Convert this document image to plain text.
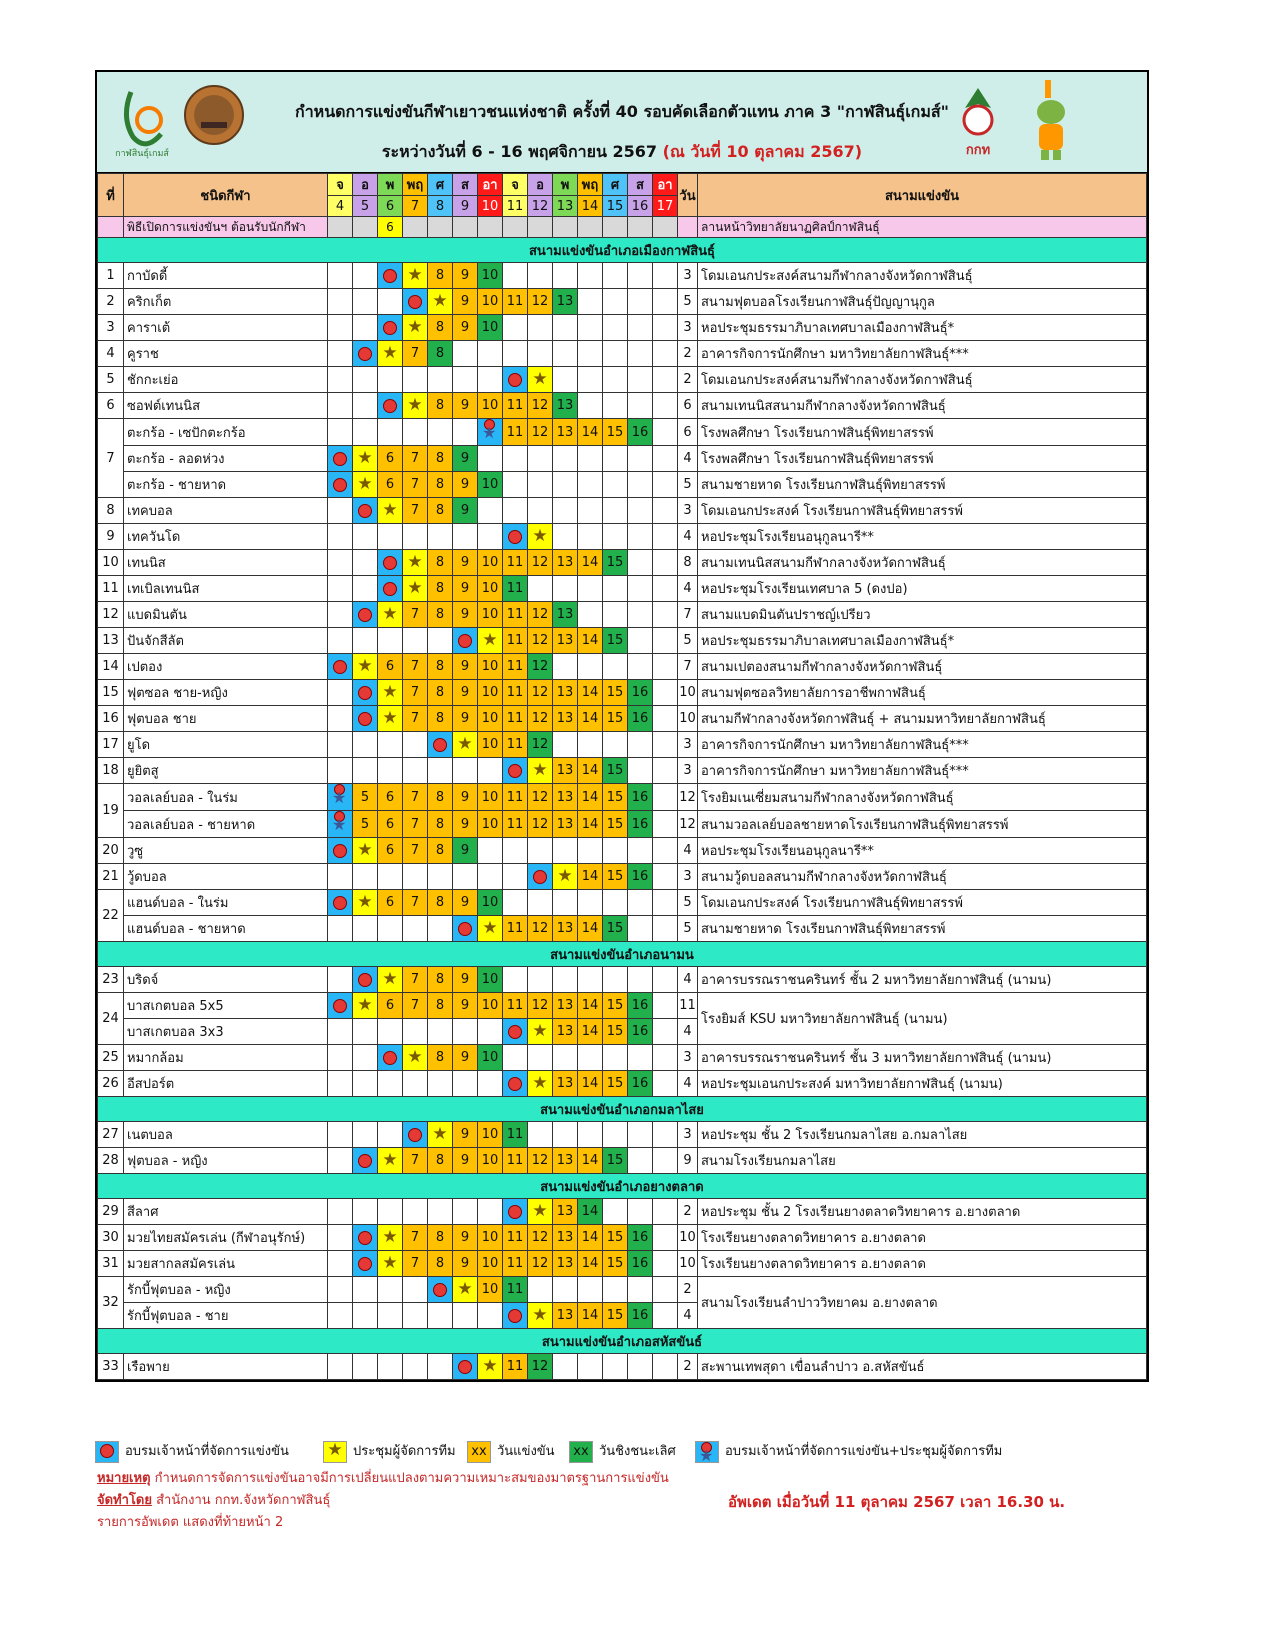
กาฬสินธุ์เกมส์
กำหนดการแข่งขันกีฬาเยาวชนแห่งชาติ ครั้งที่ 40 รอบคัดเลือกตัวแทน ภาค 3 "กาฬสินธุ์เกมส์"
ระหว่างวันที่ 6 - 16 พฤศจิกายน 2567 (ณ วันที่ 10 ตุลาคม 2567)	กกท
ที่	ชนิดกีฬา	จ	อ	พ	พฤ	ศ	ส	อา	จ	อ	พ	พฤ	ศ	ส	อา	วัน	สนามแข่งขัน
		4	5	6	7	8	9	10	11	12	13	14	15	16	17		
	พิธีเปิดการแข่งขันฯ ต้อนรับนักกีฬา			6													ลานหน้าวิทยาลัยนาฏศิลป์กาฬสินธุ์
สนามแข่งขันอำเภอเมืองกาฬสินธุ์																	
1	กาบัดดี้				★	8	9	10								3	โดมเอนกประสงค์สนามกีฬากลางจังหวัดกาฬสินธุ์
2	คริกเก็ต					★	9	10	11	12	13					5	สนามฟุตบอลโรงเรียนกาฬสินธุ์ปัญญานุกูล
3	คาราเต้				★	8	9	10								3	หอประชุมธรรมาภิบาลเทศบาลเมืองกาฬสินธุ์*
4	คูราช			★	7	8										2	อาคารกิจการนักศึกษา มหาวิทยาลัยกาฬสินธุ์***
5	ชักกะเย่อ									★						2	โดมเอนกประสงค์สนามกีฬากลางจังหวัดกาฬสินธุ์
6	ซอฟต์เทนนิส				★	8	9	10	11	12	13					6	สนามเทนนิสสนามกีฬากลางจังหวัดกาฬสินธุ์
7	ตะกร้อ - เซปักตะกร้อ							★	11	12	13	14	15	16		6	โรงพลศึกษา โรงเรียนกาฬสินธุ์พิทยาสรรพ์
	ตะกร้อ - ลอดห่วง		★	6	7	8	9									4	โรงพลศึกษา โรงเรียนกาฬสินธุ์พิทยาสรรพ์
	ตะกร้อ - ชายหาด		★	6	7	8	9	10								5	สนามชายหาด โรงเรียนกาฬสินธุ์พิทยาสรรพ์
8	เทคบอล			★	7	8	9									3	โดมเอนกประสงค์ โรงเรียนกาฬสินธุ์พิทยาสรรพ์
9	เทควันโด									★						4	หอประชุมโรงเรียนอนุกูลนารี**
10	เทนนิส				★	8	9	10	11	12	13	14	15			8	สนามเทนนิสสนามกีฬากลางจังหวัดกาฬสินธุ์
11	เทเบิลเทนนิส				★	8	9	10	11							4	หอประชุมโรงเรียนเทศบาล 5 (ดงปอ)
12	แบดมินตัน			★	7	8	9	10	11	12	13					7	สนามแบดมินตันปราชญ์เปรียว
13	ปันจักสีลัต							★	11	12	13	14	15			5	หอประชุมธรรมาภิบาลเทศบาลเมืองกาฬสินธุ์*
14	เปตอง		★	6	7	8	9	10	11	12						7	สนามเปตองสนามกีฬากลางจังหวัดกาฬสินธุ์
15	ฟุตซอล ชาย-หญิง			★	7	8	9	10	11	12	13	14	15	16		10	สนามฟุตซอลวิทยาลัยการอาชีพกาฬสินธุ์
16	ฟุตบอล ชาย			★	7	8	9	10	11	12	13	14	15	16		10	สนามกีฬากลางจังหวัดกาฬสินธุ์ + สนามมหาวิทยาลัยกาฬสินธุ์
17	ยูโด						★	10	11	12						3	อาคารกิจการนักศึกษา มหาวิทยาลัยกาฬสินธุ์***
18	ยูยิตสู									★	13	14	15			3	อาคารกิจการนักศึกษา มหาวิทยาลัยกาฬสินธุ์***
19	วอลเลย์บอล - ในร่ม	★	5	6	7	8	9	10	11	12	13	14	15	16		12	โรงยิมเนเซี่ยมสนามกีฬากลางจังหวัดกาฬสินธุ์
	วอลเลย์บอล - ชายหาด	★	5	6	7	8	9	10	11	12	13	14	15	16		12	สนามวอลเลย์บอลชายหาดโรงเรียนกาฬสินธุ์พิทยาสรรพ์
20	วูซู		★	6	7	8	9									4	หอประชุมโรงเรียนอนุกูลนารี**
21	วู้ดบอล										★	14	15	16		3	สนามวู้ดบอลสนามกีฬากลางจังหวัดกาฬสินธุ์
22	แฮนด์บอล - ในร่ม		★	6	7	8	9	10								5	โดมเอนกประสงค์ โรงเรียนกาฬสินธุ์พิทยาสรรพ์
	แฮนด์บอล - ชายหาด							★	11	12	13	14	15			5	สนามชายหาด โรงเรียนกาฬสินธุ์พิทยาสรรพ์
สนามแข่งขันอำเภอนามน																	
23	บริดจ์			★	7	8	9	10								4	อาคารบรรณราชนครินทร์ ชั้น 2 มหาวิทยาลัยกาฬสินธุ์ (นามน)
24	บาสเกตบอล 5x5		★	6	7	8	9	10	11	12	13	14	15	16		11	โรงยิมส์ KSU มหาวิทยาลัยกาฬสินธุ์ (นามน)
	บาสเกตบอล 3x3									★	13	14	15	16		4	
25	หมากล้อม				★	8	9	10								3	อาคารบรรณราชนครินทร์ ชั้น 3 มหาวิทยาลัยกาฬสินธุ์ (นามน)
26	อีสปอร์ต									★	13	14	15	16		4	หอประชุมเอนกประสงค์ มหาวิทยาลัยกาฬสินธุ์ (นามน)
สนามแข่งขันอำเภอกมลาไสย																	
27	เนตบอล					★	9	10	11							3	หอประชุม ชั้น 2 โรงเรียนกมลาไสย อ.กมลาไสย
28	ฟุตบอล - หญิง			★	7	8	9	10	11	12	13	14	15			9	สนามโรงเรียนกมลาไสย
สนามแข่งขันอำเภอยางตลาด																	
29	สีลาศ									★	13	14				2	หอประชุม ชั้น 2 โรงเรียนยางตลาดวิทยาคาร อ.ยางตลาด
30	มวยไทยสมัครเล่น (กีฬาอนุรักษ์)			★	7	8	9	10	11	12	13	14	15	16		10	โรงเรียนยางตลาดวิทยาคาร อ.ยางตลาด
31	มวยสากลสมัครเล่น			★	7	8	9	10	11	12	13	14	15	16		10	โรงเรียนยางตลาดวิทยาคาร อ.ยางตลาด
32	รักบี้ฟุตบอล - หญิง						★	10	11							2	สนามโรงเรียนลำปาววิทยาคม อ.ยางตลาด
	รักบี้ฟุตบอล - ชาย									★	13	14	15	16		4	
สนามแข่งขันอำเภอสหัสขันธ์																	
33	เรือพาย							★	11	12						2	สะพานเทพสุดา เขื่อนลำปาว อ.สหัสขันธ์
อบรมเจ้าหน้าที่จัดการแข่งขัน ★ ประชุมผู้จัดการทีม	xx วันแข่งขัน	xx วันชิงชนะเลิศ ★ อบรมเจ้าหน้าที่จัดการแข่งขัน+ประชุมผู้จัดการทีม
หมายเหตุ กำหนดการจัดการแข่งขันอาจมีการเปลี่ยนแปลงตามความเหมาะสมของมาตรฐานการแข่งขัน
จัดทำโดย สำนักงาน กกท.จังหวัดกาฬสินธุ์
รายการอัพเดต แสดงที่ท้ายหน้า 2
อัพเดต เมื่อวันที่ 11 ตุลาคม 2567 เวลา 16.30 น.
